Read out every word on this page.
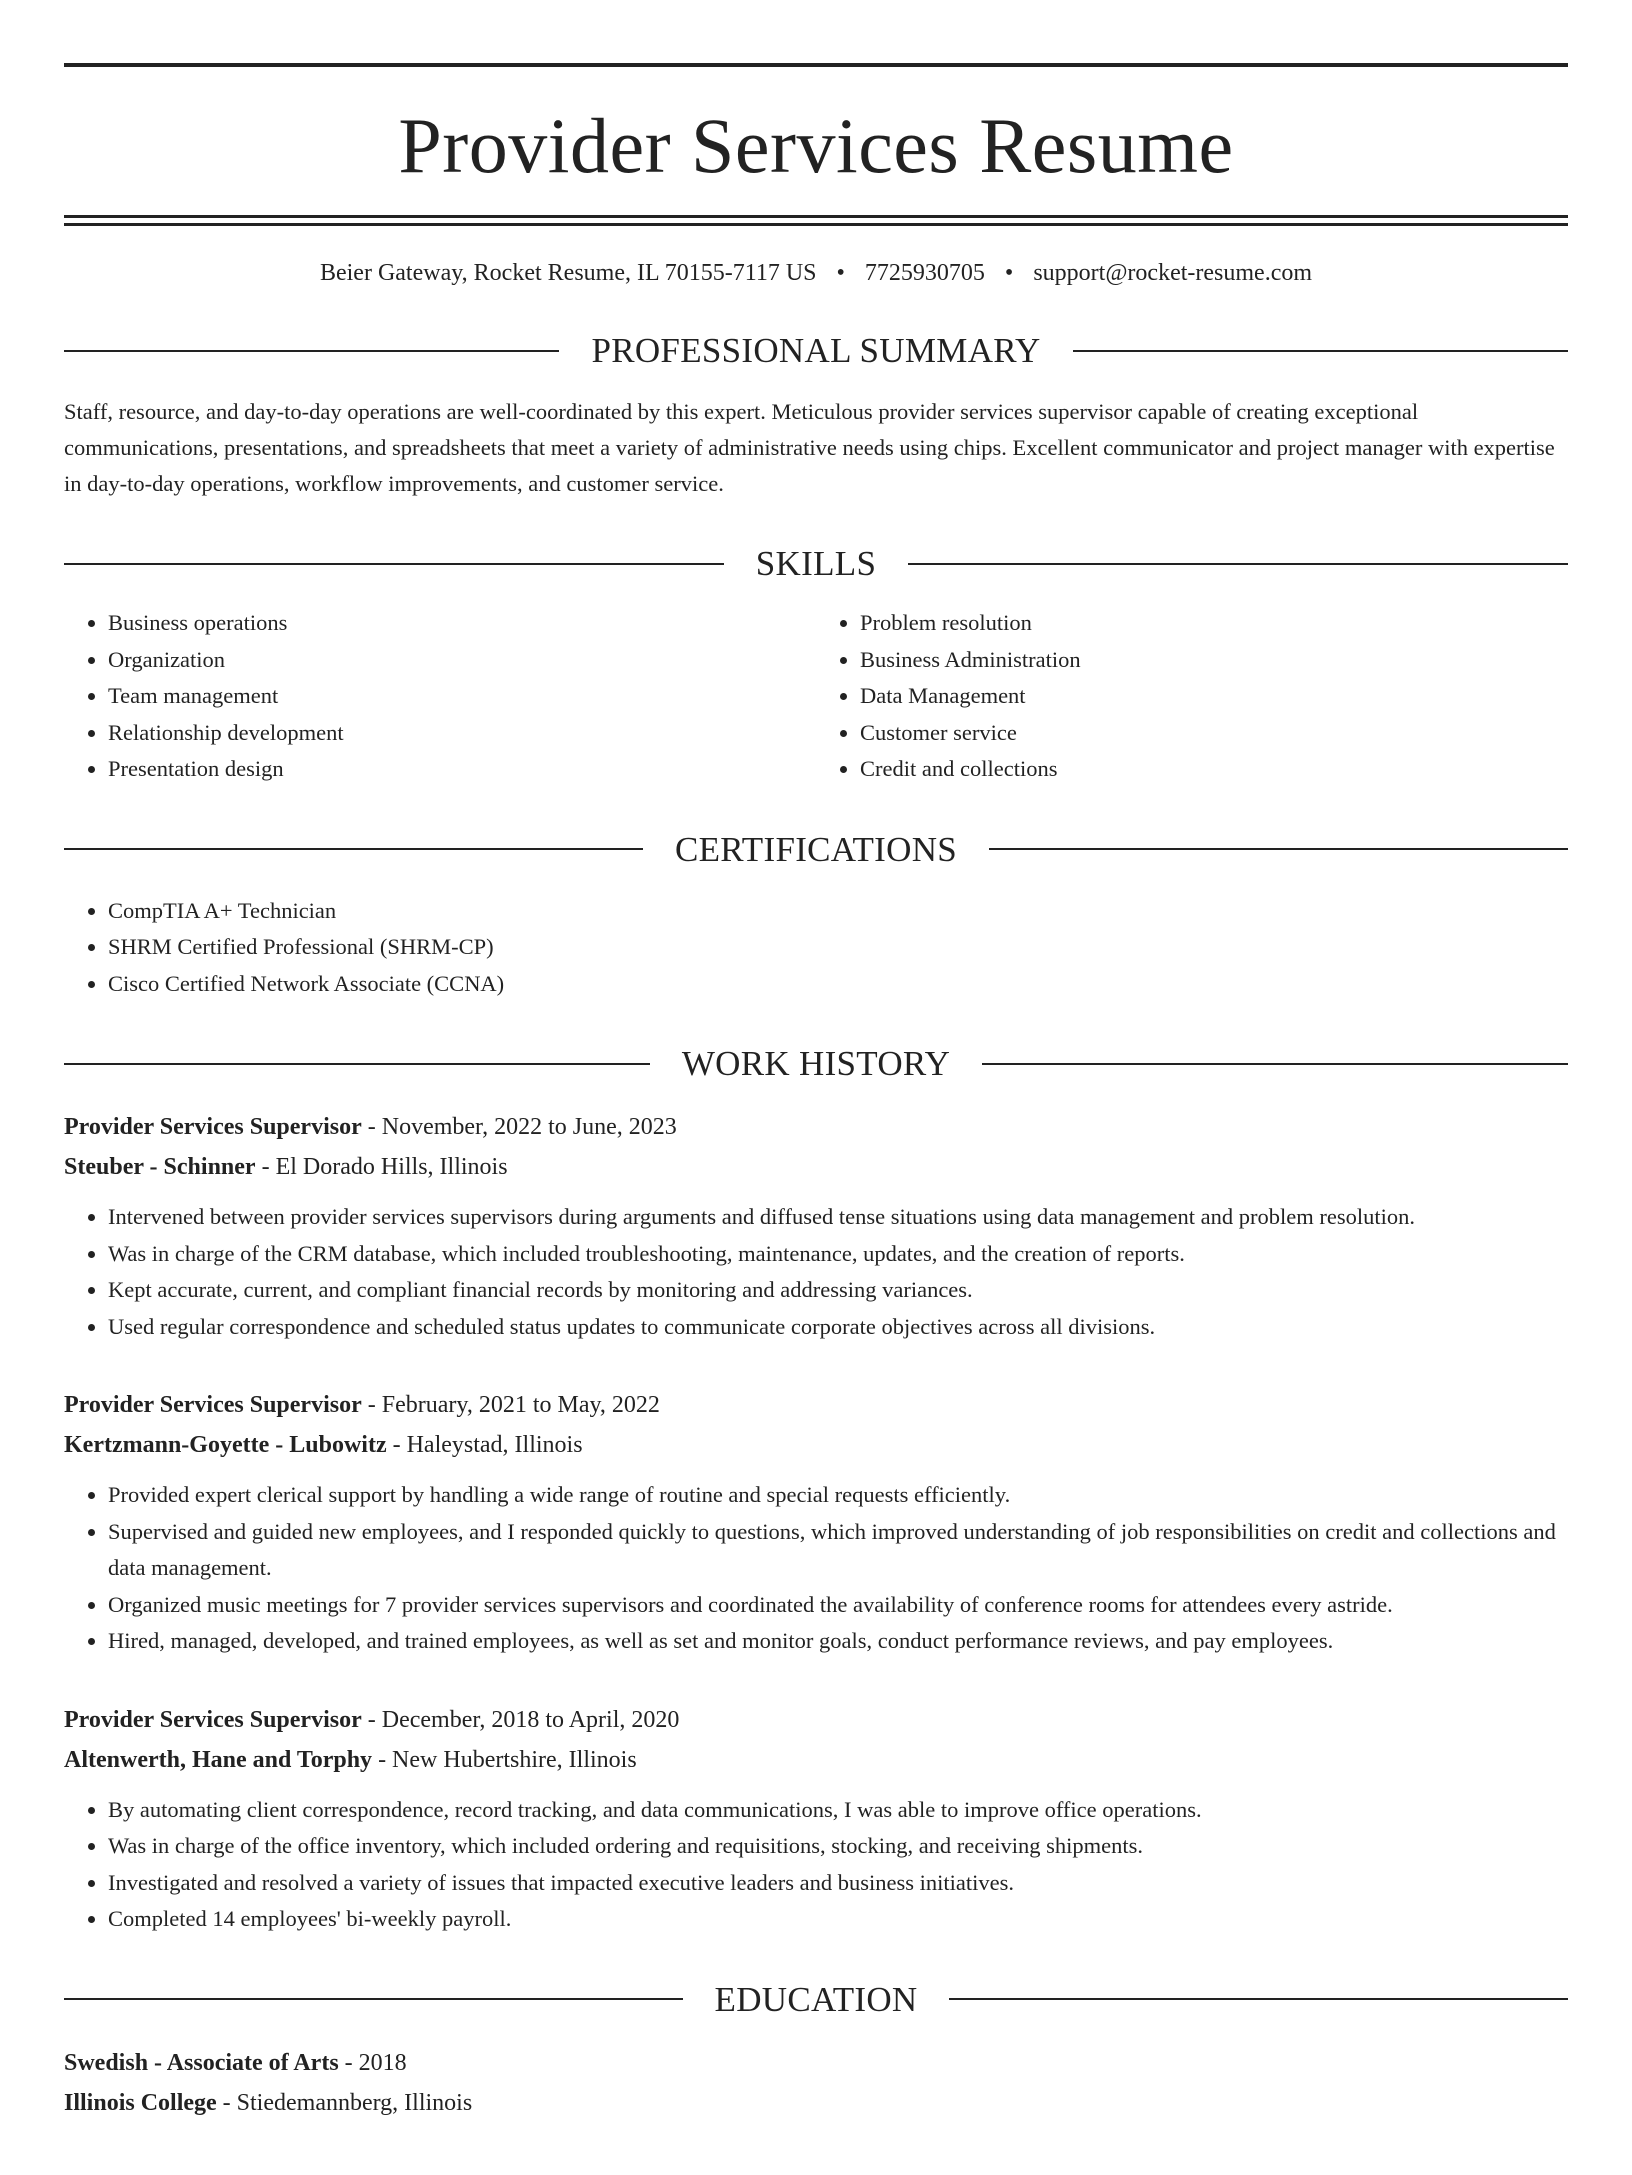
Provider Services Resume
Beier Gateway, Rocket Resume, IL 70155-7117 US • 7725930705 • support@rocket-resume.com
PROFESSIONAL SUMMARY

Staff, resource, and day-to-day operations are well-coordinated by this expert. Meticulous provider services supervisor capable of creating exceptional communications, presentations, and spreadsheets that meet a variety of administrative needs using chips. Excellent communicator and project manager with expertise in day-to-day operations, workflow improvements, and customer service.

SKILLS
• Business operations
• Organization
• Team management
• Relationship development
• Presentation design
• Problem resolution
• Business Administration
• Data Management
• Customer service
• Credit and collections
CERTIFICATIONS
• CompTIA A+ Technician
• SHRM Certified Professional (SHRM-CP)
• Cisco Certified Network Associate (CCNA)
WORK HISTORY
Provider Services Supervisor - November, 2022 to June, 2023
Steuber - Schinner - El Dorado Hills, Illinois
• Intervened between provider services supervisors during arguments and diffused tense situations using data management and problem resolution.
• Was in charge of the CRM database, which included troubleshooting, maintenance, updates, and the creation of reports.
• Kept accurate, current, and compliant financial records by monitoring and addressing variances.
• Used regular correspondence and scheduled status updates to communicate corporate objectives across all divisions.
Provider Services Supervisor - February, 2021 to May, 2022
Kertzmann-Goyette - Lubowitz - Haleystad, Illinois
• Provided expert clerical support by handling a wide range of routine and special requests efficiently.
• Supervised and guided new employees, and I responded quickly to questions, which improved understanding of job responsibilities on credit and collections and data management.
• Organized music meetings for 7 provider services supervisors and coordinated the availability of conference rooms for attendees every astride.
• Hired, managed, developed, and trained employees, as well as set and monitor goals, conduct performance reviews, and pay employees.
Provider Services Supervisor - December, 2018 to April, 2020
Altenwerth, Hane and Torphy - New Hubertshire, Illinois
• By automating client correspondence, record tracking, and data communications, I was able to improve office operations.
• Was in charge of the office inventory, which included ordering and requisitions, stocking, and receiving shipments.
• Investigated and resolved a variety of issues that impacted executive leaders and business initiatives.
• Completed 14 employees' bi-weekly payroll.
EDUCATION
Swedish - Associate of Arts - 2018
Illinois College - Stiedemannberg, Illinois
